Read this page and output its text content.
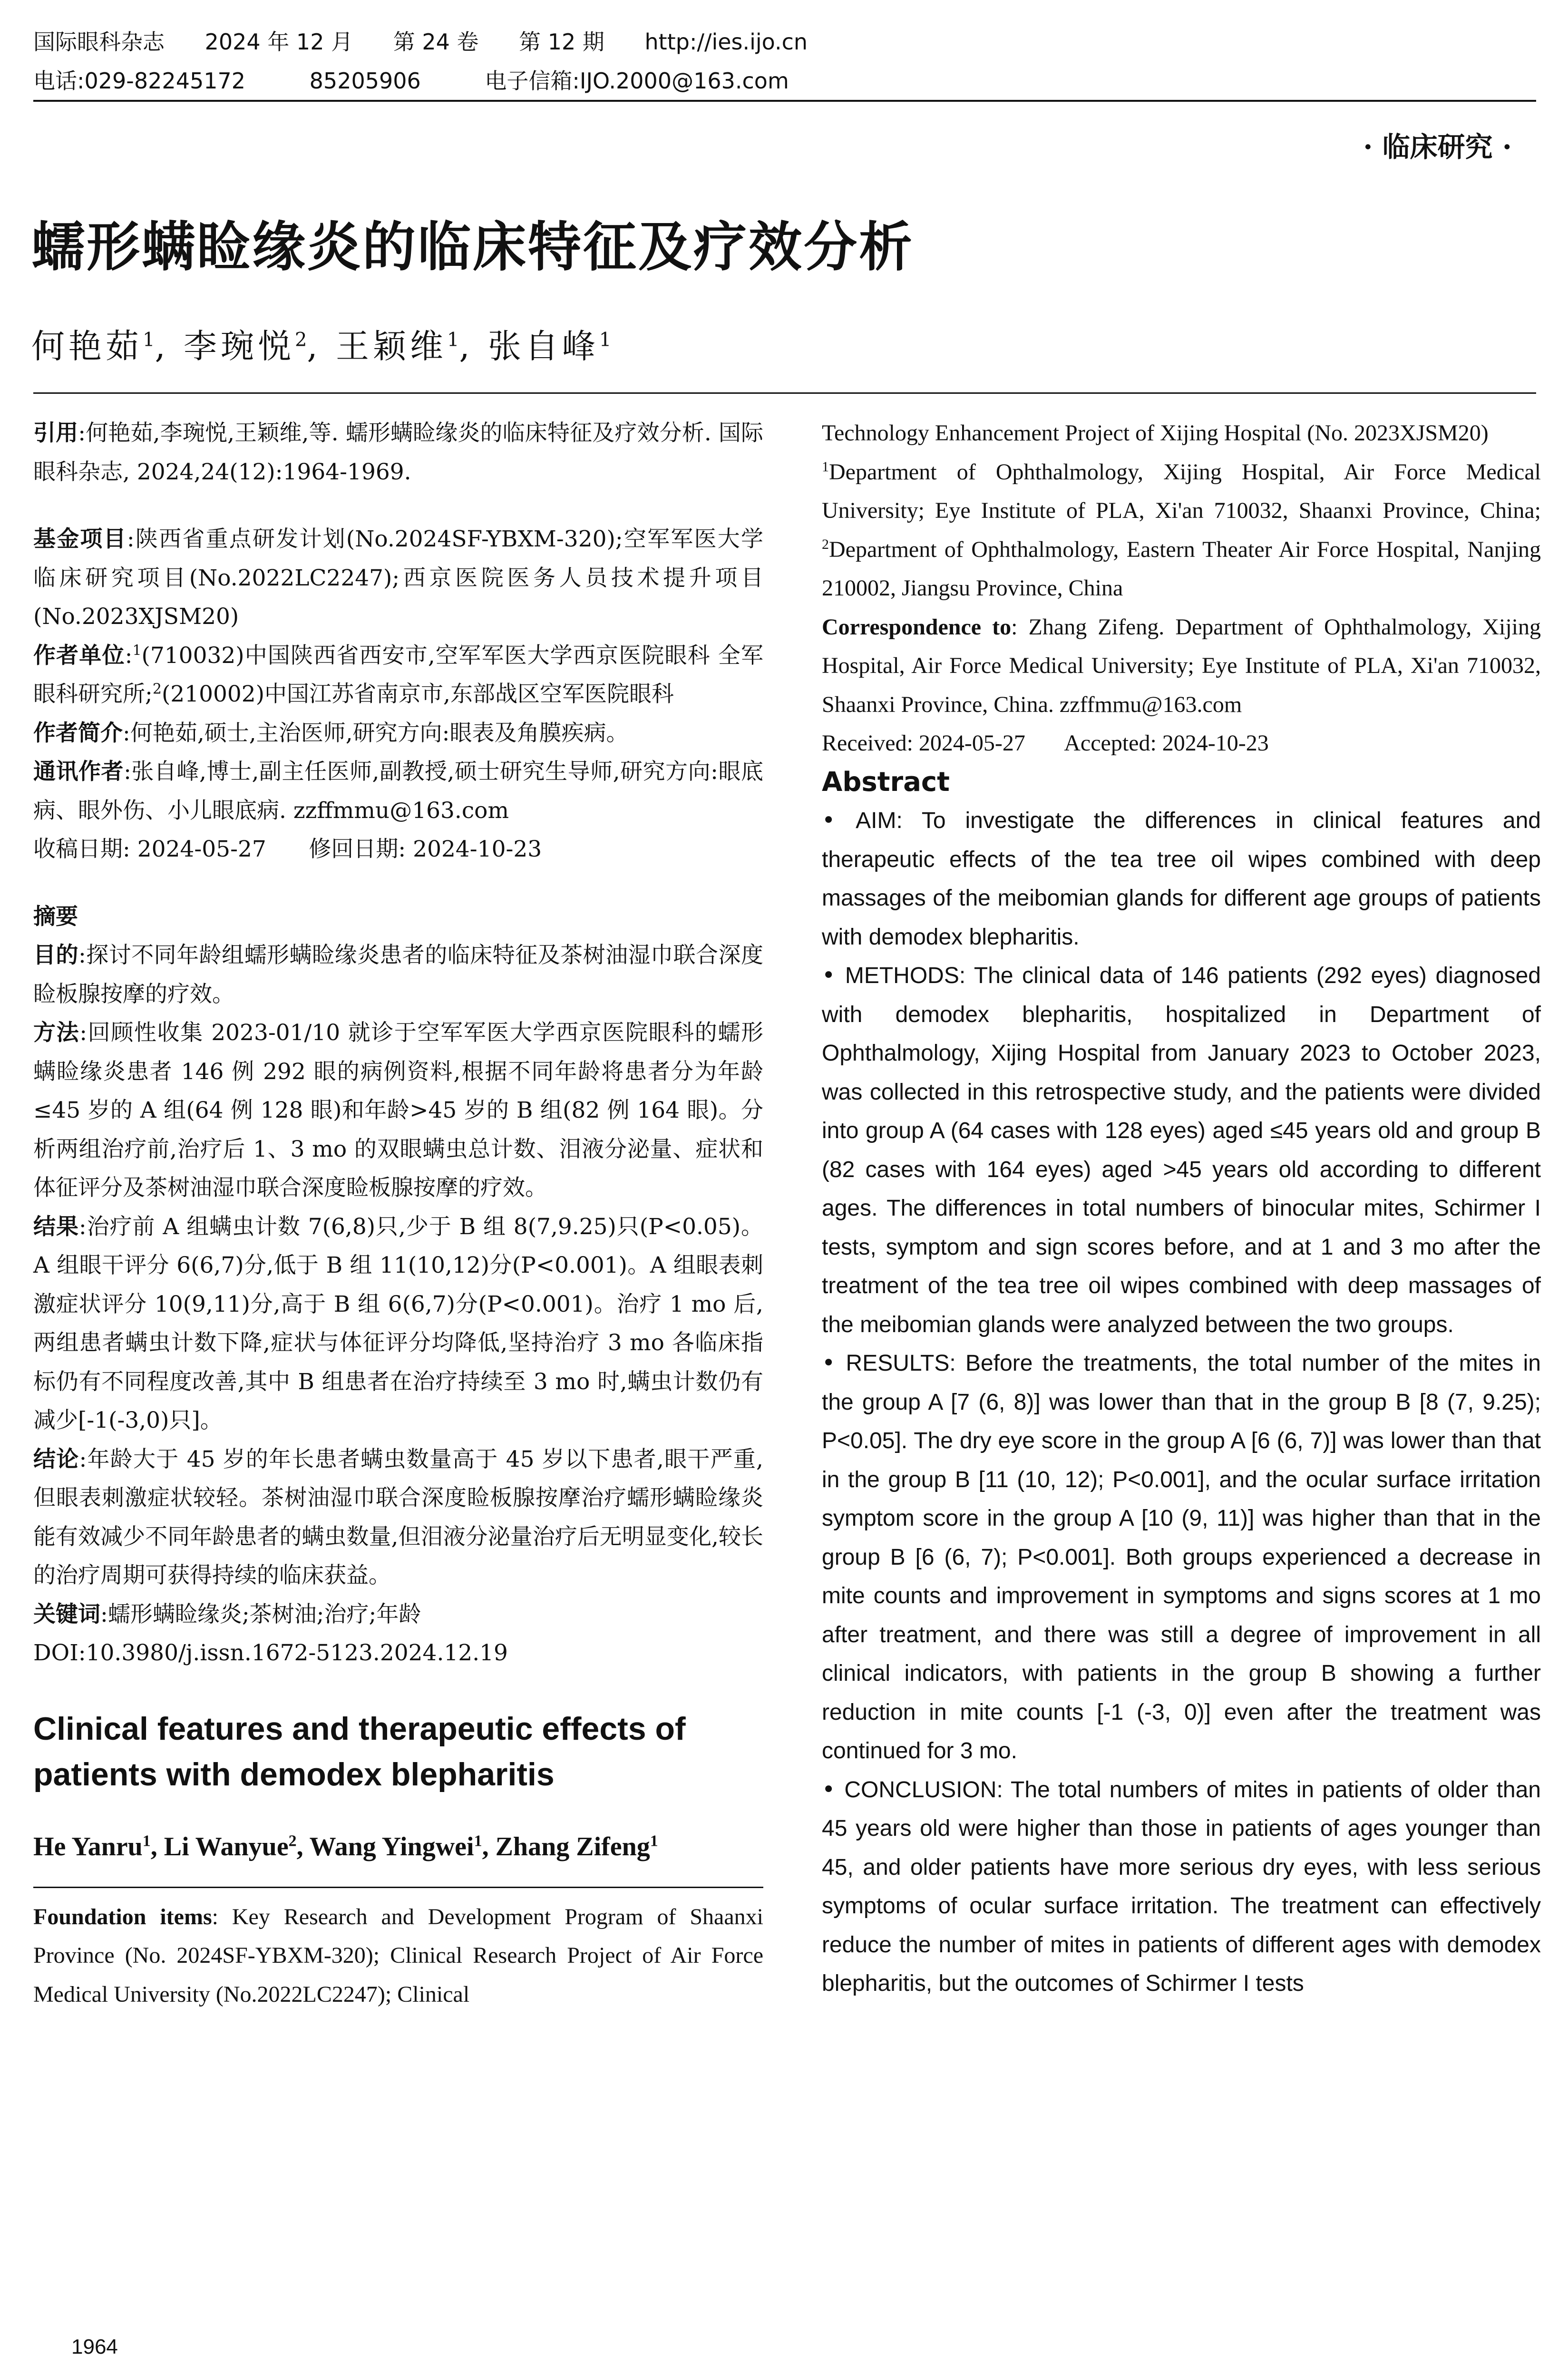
国际眼科杂志 2024 年 12 月 第 24 卷 第 12 期 http://ies.ijo.cn
电话:029-82245172	85205906	电子信箱:IJO.2000@163.com
· 临床研究 ·
蠕形螨睑缘炎的临床特征及疗效分析
何艳茹$^1$, 李琬悦$^2$, 王颖维$^1$, 张自峰$^1$

引用:何艳茹,李琬悦,王颖维,等. 蠕形螨睑缘炎的临床特征及疗效分析. 国际眼科杂志, 2024,24(12):1964-1969.

基金项目:陕西省重点研发计划(No.2024SF-YBXM-320);空军军医大学临床研究项目(No.2022LC2247);西京医院医务人员技术提升项目(No.2023XJSM20)

作者单位:$^1$(710032)中国陕西省西安市,空军军医大学西京医院眼科 全军眼科研究所;$^2$(210002)中国江苏省南京市,东部战区空军医院眼科

作者简介:何艳茹,硕士,主治医师,研究方向:眼表及角膜疾病。

通讯作者:张自峰,博士,副主任医师,副教授,硕士研究生导师,研究方向:眼底病、眼外伤、小儿眼底病. zzffmmu@163.com

收稿日期: 2024-05-27 修回日期: 2024-10-23

摘要

目的:探讨不同年龄组蠕形螨睑缘炎患者的临床特征及茶树油湿巾联合深度睑板腺按摩的疗效。

方法:回顾性收集 2023-01/10 就诊于空军军医大学西京医院眼科的蠕形螨睑缘炎患者 146 例 292 眼的病例资料,根据不同年龄将患者分为年龄≤45 岁的 A 组(64 例 128 眼)和年龄>45 岁的 B 组(82 例 164 眼)。分析两组治疗前,治疗后 1、3 mo 的双眼螨虫总计数、泪液分泌量、症状和体征评分及茶树油湿巾联合深度睑板腺按摩的疗效。

结果:治疗前 A 组螨虫计数 7(6,8)只,少于 B 组 8(7,9.25)只(P<0.05)。A 组眼干评分 6(6,7)分,低于 B 组 11(10,12)分(P<0.001)。A 组眼表刺激症状评分 10(9,11)分,高于 B 组 6(6,7)分(P<0.001)。治疗 1 mo 后,两组患者螨虫计数下降,症状与体征评分均降低,坚持治疗 3 mo 各临床指标仍有不同程度改善,其中 B 组患者在治疗持续至 3 mo 时,螨虫计数仍有减少[-1(-3,0)只]。

结论:年龄大于 45 岁的年长患者螨虫数量高于 45 岁以下患者,眼干严重,但眼表刺激症状较轻。茶树油湿巾联合深度睑板腺按摩治疗蠕形螨睑缘炎能有效减少不同年龄患者的螨虫数量,但泪液分泌量治疗后无明显变化,较长的治疗周期可获得持续的临床获益。

关键词:蠕形螨睑缘炎;茶树油;治疗;年龄

DOI:10.3980/j.issn.1672-5123.2024.12.19

Clinical features and therapeutic effects of patients with demodex blepharitis

He Yanru$^1$, Li Wanyue$^2$, Wang Yingwei$^1$, Zhang Zifeng$^1$

Foundation items: Key Research and Development Program of Shaanxi Province (No. 2024SF-YBXM-320); Clinical Research Project of Air Force Medical University (No.2022LC2247); Clinical

Technology Enhancement Project of Xijing Hospital (No. 2023XJSM20)

$^1$Department of Ophthalmology, Xijing Hospital, Air Force Medical University; Eye Institute of PLA, Xi'an 710032, Shaanxi Province, China; $^2$Department of Ophthalmology, Eastern Theater Air Force Hospital, Nanjing 210002, Jiangsu Province, China

Correspondence to: Zhang Zifeng. Department of Ophthalmology, Xijing Hospital, Air Force Medical University; Eye Institute of PLA, Xi'an 710032, Shaanxi Province, China. zzffmmu@163.com

Received: 2024-05-27 Accepted: 2024-10-23

Abstract

• AIM: To investigate the differences in clinical features and therapeutic effects of the tea tree oil wipes combined with deep massages of the meibomian glands for different age groups of patients with demodex blepharitis.

• METHODS: The clinical data of 146 patients (292 eyes) diagnosed with demodex blepharitis, hospitalized in Department of Ophthalmology, Xijing Hospital from January 2023 to October 2023, was collected in this retrospective study, and the patients were divided into group A (64 cases with 128 eyes) aged ≤45 years old and group B (82 cases with 164 eyes) aged >45 years old according to different ages. The differences in total numbers of binocular mites, Schirmer I tests, symptom and sign scores before, and at 1 and 3 mo after the treatment of the tea tree oil wipes combined with deep massages of the meibomian glands were analyzed between the two groups.

• RESULTS: Before the treatments, the total number of the mites in the group A [7 (6, 8)] was lower than that in the group B [8 (7, 9.25); P<0.05]. The dry eye score in the group A [6 (6, 7)] was lower than that in the group B [11 (10, 12); P<0.001], and the ocular surface irritation symptom score in the group A [10 (9, 11)] was higher than that in the group B [6 (6, 7); P<0.001]. Both groups experienced a decrease in mite counts and improvement in symptoms and signs scores at 1 mo after treatment, and there was still a degree of improvement in all clinical indicators, with patients in the group B showing a further reduction in mite counts [-1 (-3, 0)] even after the treatment was continued for 3 mo.

• CONCLUSION: The total numbers of mites in patients of older than 45 years old were higher than those in patients of ages younger than 45, and older patients have more serious dry eyes, with less serious symptoms of ocular surface irritation. The treatment can effectively reduce the number of mites in patients of different ages with demodex blepharitis, but the outcomes of Schirmer I tests

1964
